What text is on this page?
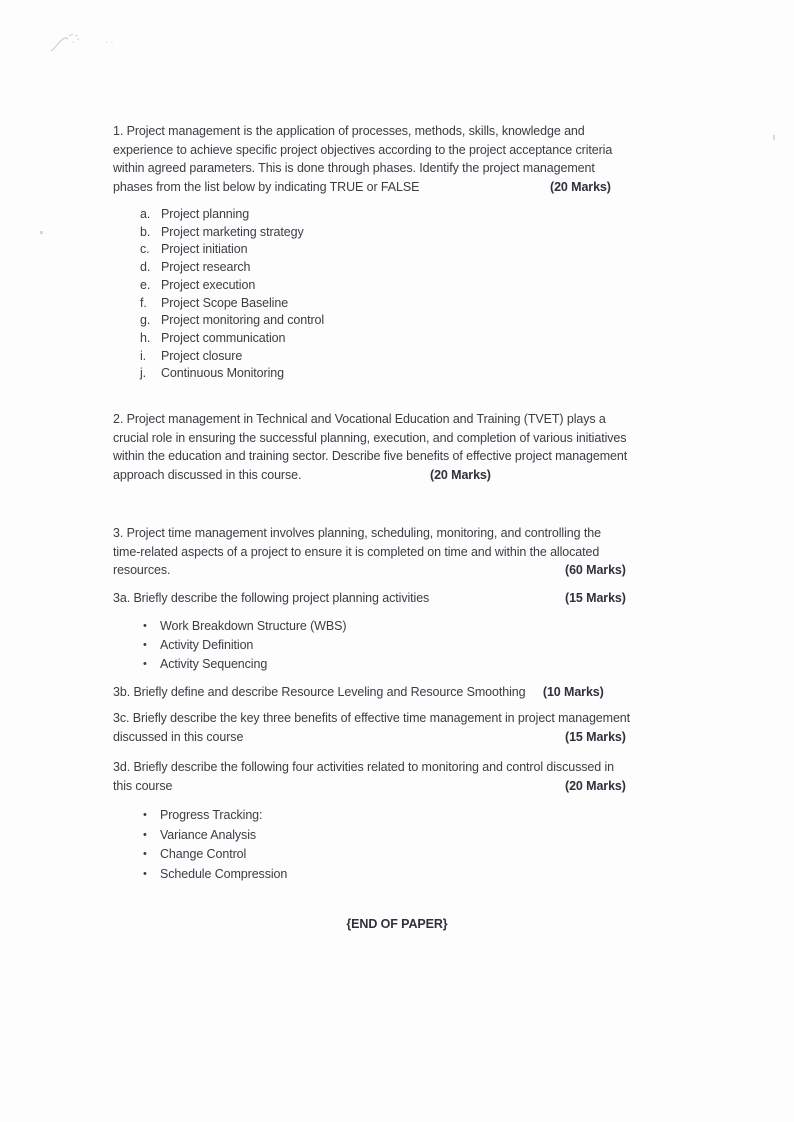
1. Project management is the application of processes, methods, skills, knowledge and
experience to achieve specific project objectives according to the project acceptance criteria
within agreed parameters. This is done through phases. Identify the project management
phases from the list below by indicating TRUE or FALSE	(20 Marks)
a. Project planning
b. Project marketing strategy
c. Project initiation
d. Project research
e. Project execution
f. Project Scope Baseline
g. Project monitoring and control
h. Project communication
i. Project closure
j. Continuous Monitoring
2. Project management in Technical and Vocational Education and Training (TVET) plays a
crucial role in ensuring the successful planning, execution, and completion of various initiatives
within the education and training sector. Describe five benefits of effective project management
approach discussed in this course.	(20 Marks)
3. Project time management involves planning, scheduling, monitoring, and controlling the
time-related aspects of a project to ensure it is completed on time and within the allocated
resources.	(60 Marks)
3a. Briefly describe the following project planning activities	(15 Marks)
• Work Breakdown Structure (WBS)
• Activity Definition
• Activity Sequencing
3b. Briefly define and describe Resource Leveling and Resource Smoothing (10 Marks)
3c. Briefly describe the key three benefits of effective time management in project management
discussed in this course	(15 Marks)
3d. Briefly describe the following four activities related to monitoring and control discussed in
this course	(20 Marks)
• Progress Tracking:
• Variance Analysis
• Change Control
• Schedule Compression
{END OF PAPER}
